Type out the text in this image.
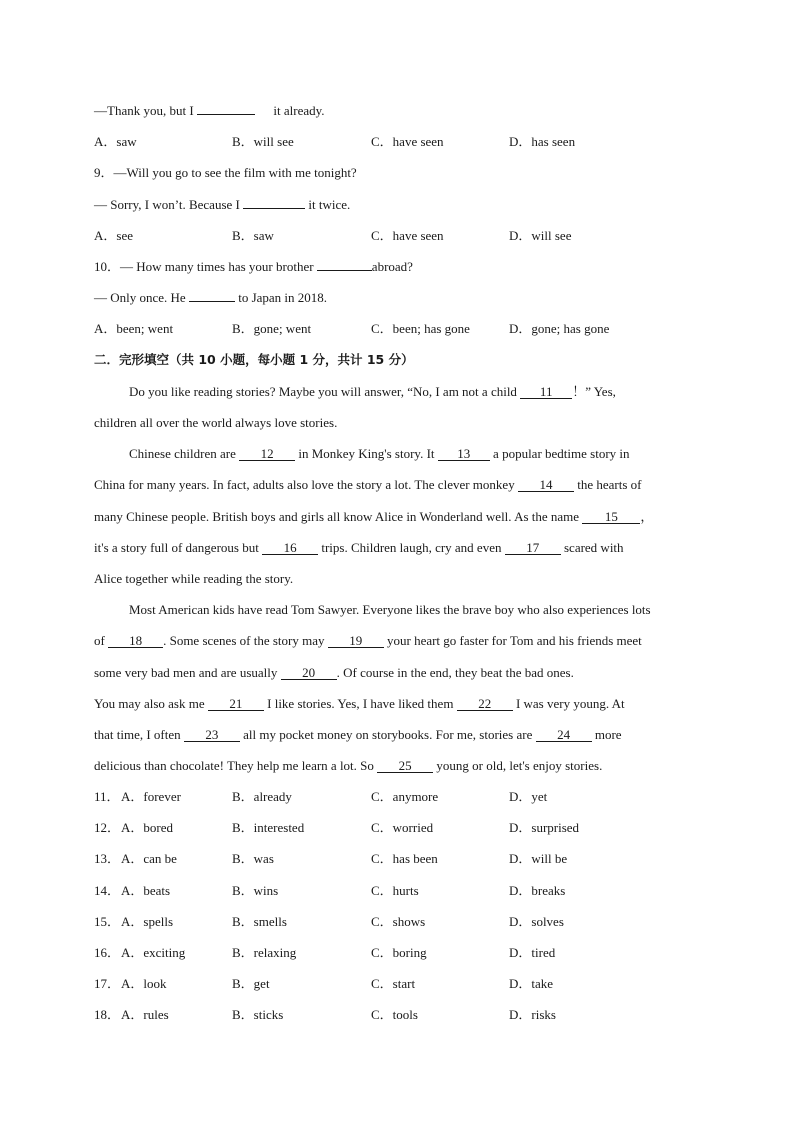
—Thank you, but I	it already.
A．saw	B．will see	C．have seen	D．has seen
9．—Will you go to see the film with me tonight?
— Sorry, I won’t. Because I	it twice.
A．see	B．saw	C．have seen	D．will see
10．— How many times has your brother	abroad?
— Only once. He	to Japan in 2018.
A．been; went	B．gone; went	C．been; has gone	D．gone; has gone
二．完形填空（共 10 小题，每小题 1 分，共计 15 分）
Do you like reading stories? Maybe you will answer, “No, I am not a child 11 ！” Yes,
children all over the world always love stories.
Chinese children are 12 in Monkey King's story. It 13 a popular bedtime story in
China for many years. In fact, adults also love the story a lot. The clever monkey 14 the hearts of
many Chinese people. British boys and girls all know Alice in Wonderland well. As the name 15 ，
it's a story full of dangerous but 16 trips. Children laugh, cry and even 17 scared with
Alice together while reading the story.
Most American kids have read Tom Sawyer. Everyone likes the brave boy who also experiences lots
of 18 . Some scenes of the story may 19 your heart go faster for Tom and his friends meet
some very bad men and are usually 20 . Of course in the end, they beat the bad ones.
You may also ask me 21 I like stories. Yes, I have liked them 22 I was very young. At
that time, I often 23 all my pocket money on storybooks. For me, stories are 24 more
delicious than chocolate! They help me learn a lot. So 25 young or old, let's enjoy stories.
11． A．forever	B．already	C．anymore	D．yet
12． A．bored	B．interested	C．worried	D．surprised
13． A．can be	B．was	C．has been	D．will be
14． A．beats	B．wins	C．hurts	D．breaks
15． A．spells	B．smells	C．shows	D．solves
16． A．exciting	B．relaxing	C．boring	D．tired
17． A．look	B．get	C．start	D．take
18． A．rules	B．sticks	C．tools	D．risks
